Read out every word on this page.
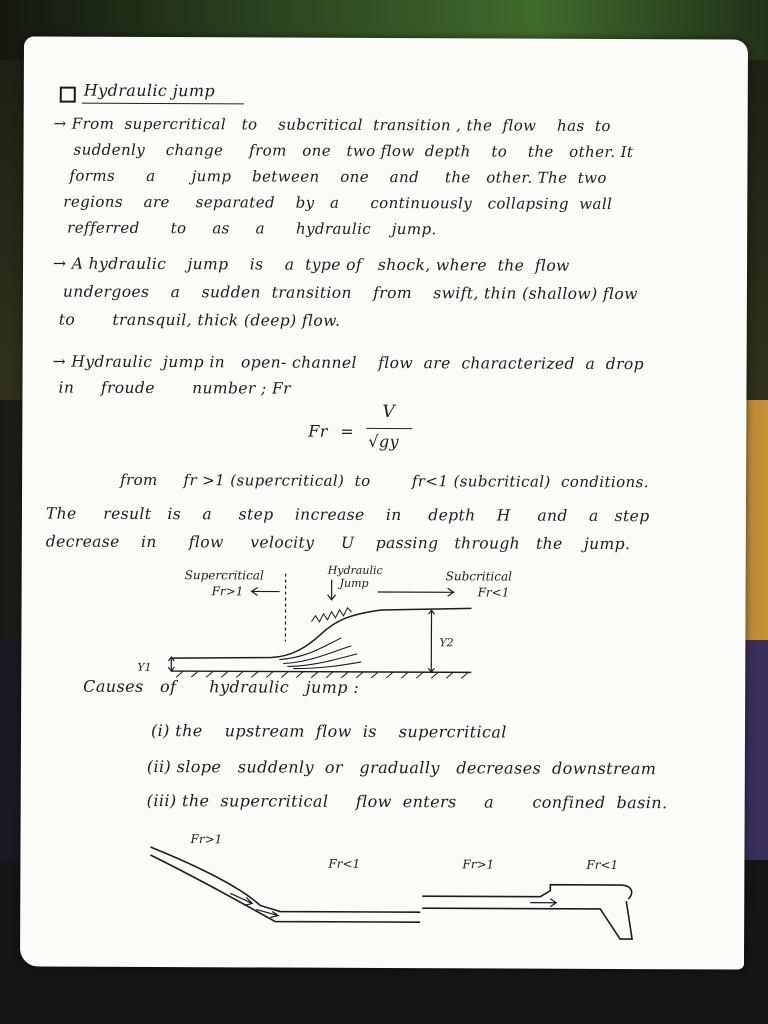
Hydraulic jump
→ From  supercritical   to    subcritical  transition , the  flow    has  to
suddenly    change     from   one   two flow  depth    to    the   other. It
forms      a       jump    between    one    and     the   other. The  two
regions    are     separated    by   a      continuously   collapsing  wall
refferred      to     as     a      hydraulic    jump.
→ A hydraulic    jump    is    a  type of   shock, where  the  flow
undergoes    a    sudden  transition    from    swift, thin (shallow) flow
to       transquil, thick (deep) flow.
→ Hydraulic  jump in   open- channel    flow  are  characterized  a  drop
in     froude       number ; Fr
Fr =
V
√gy
from     fr >1 (supercritical)  to        fr<1 (subcritical)  conditions.
The     result   is    a     step    increase    in     depth    H     and    a   step
decrease    in      flow     velocity     U    passing   through   the    jump.
Supercritical
Fr>1
Hydraulic
Jump	Subcritical
Fr<1
Y1
Y2
Causes   of      hydraulic   jump :
(i) the    upstream  flow  is    supercritical
(ii) slope   suddenly  or   gradually   decreases  downstream
(iii) the  supercritical     flow  enters     a       confined  basin.
Fr>1
Fr<1	Fr>1	Fr<1
